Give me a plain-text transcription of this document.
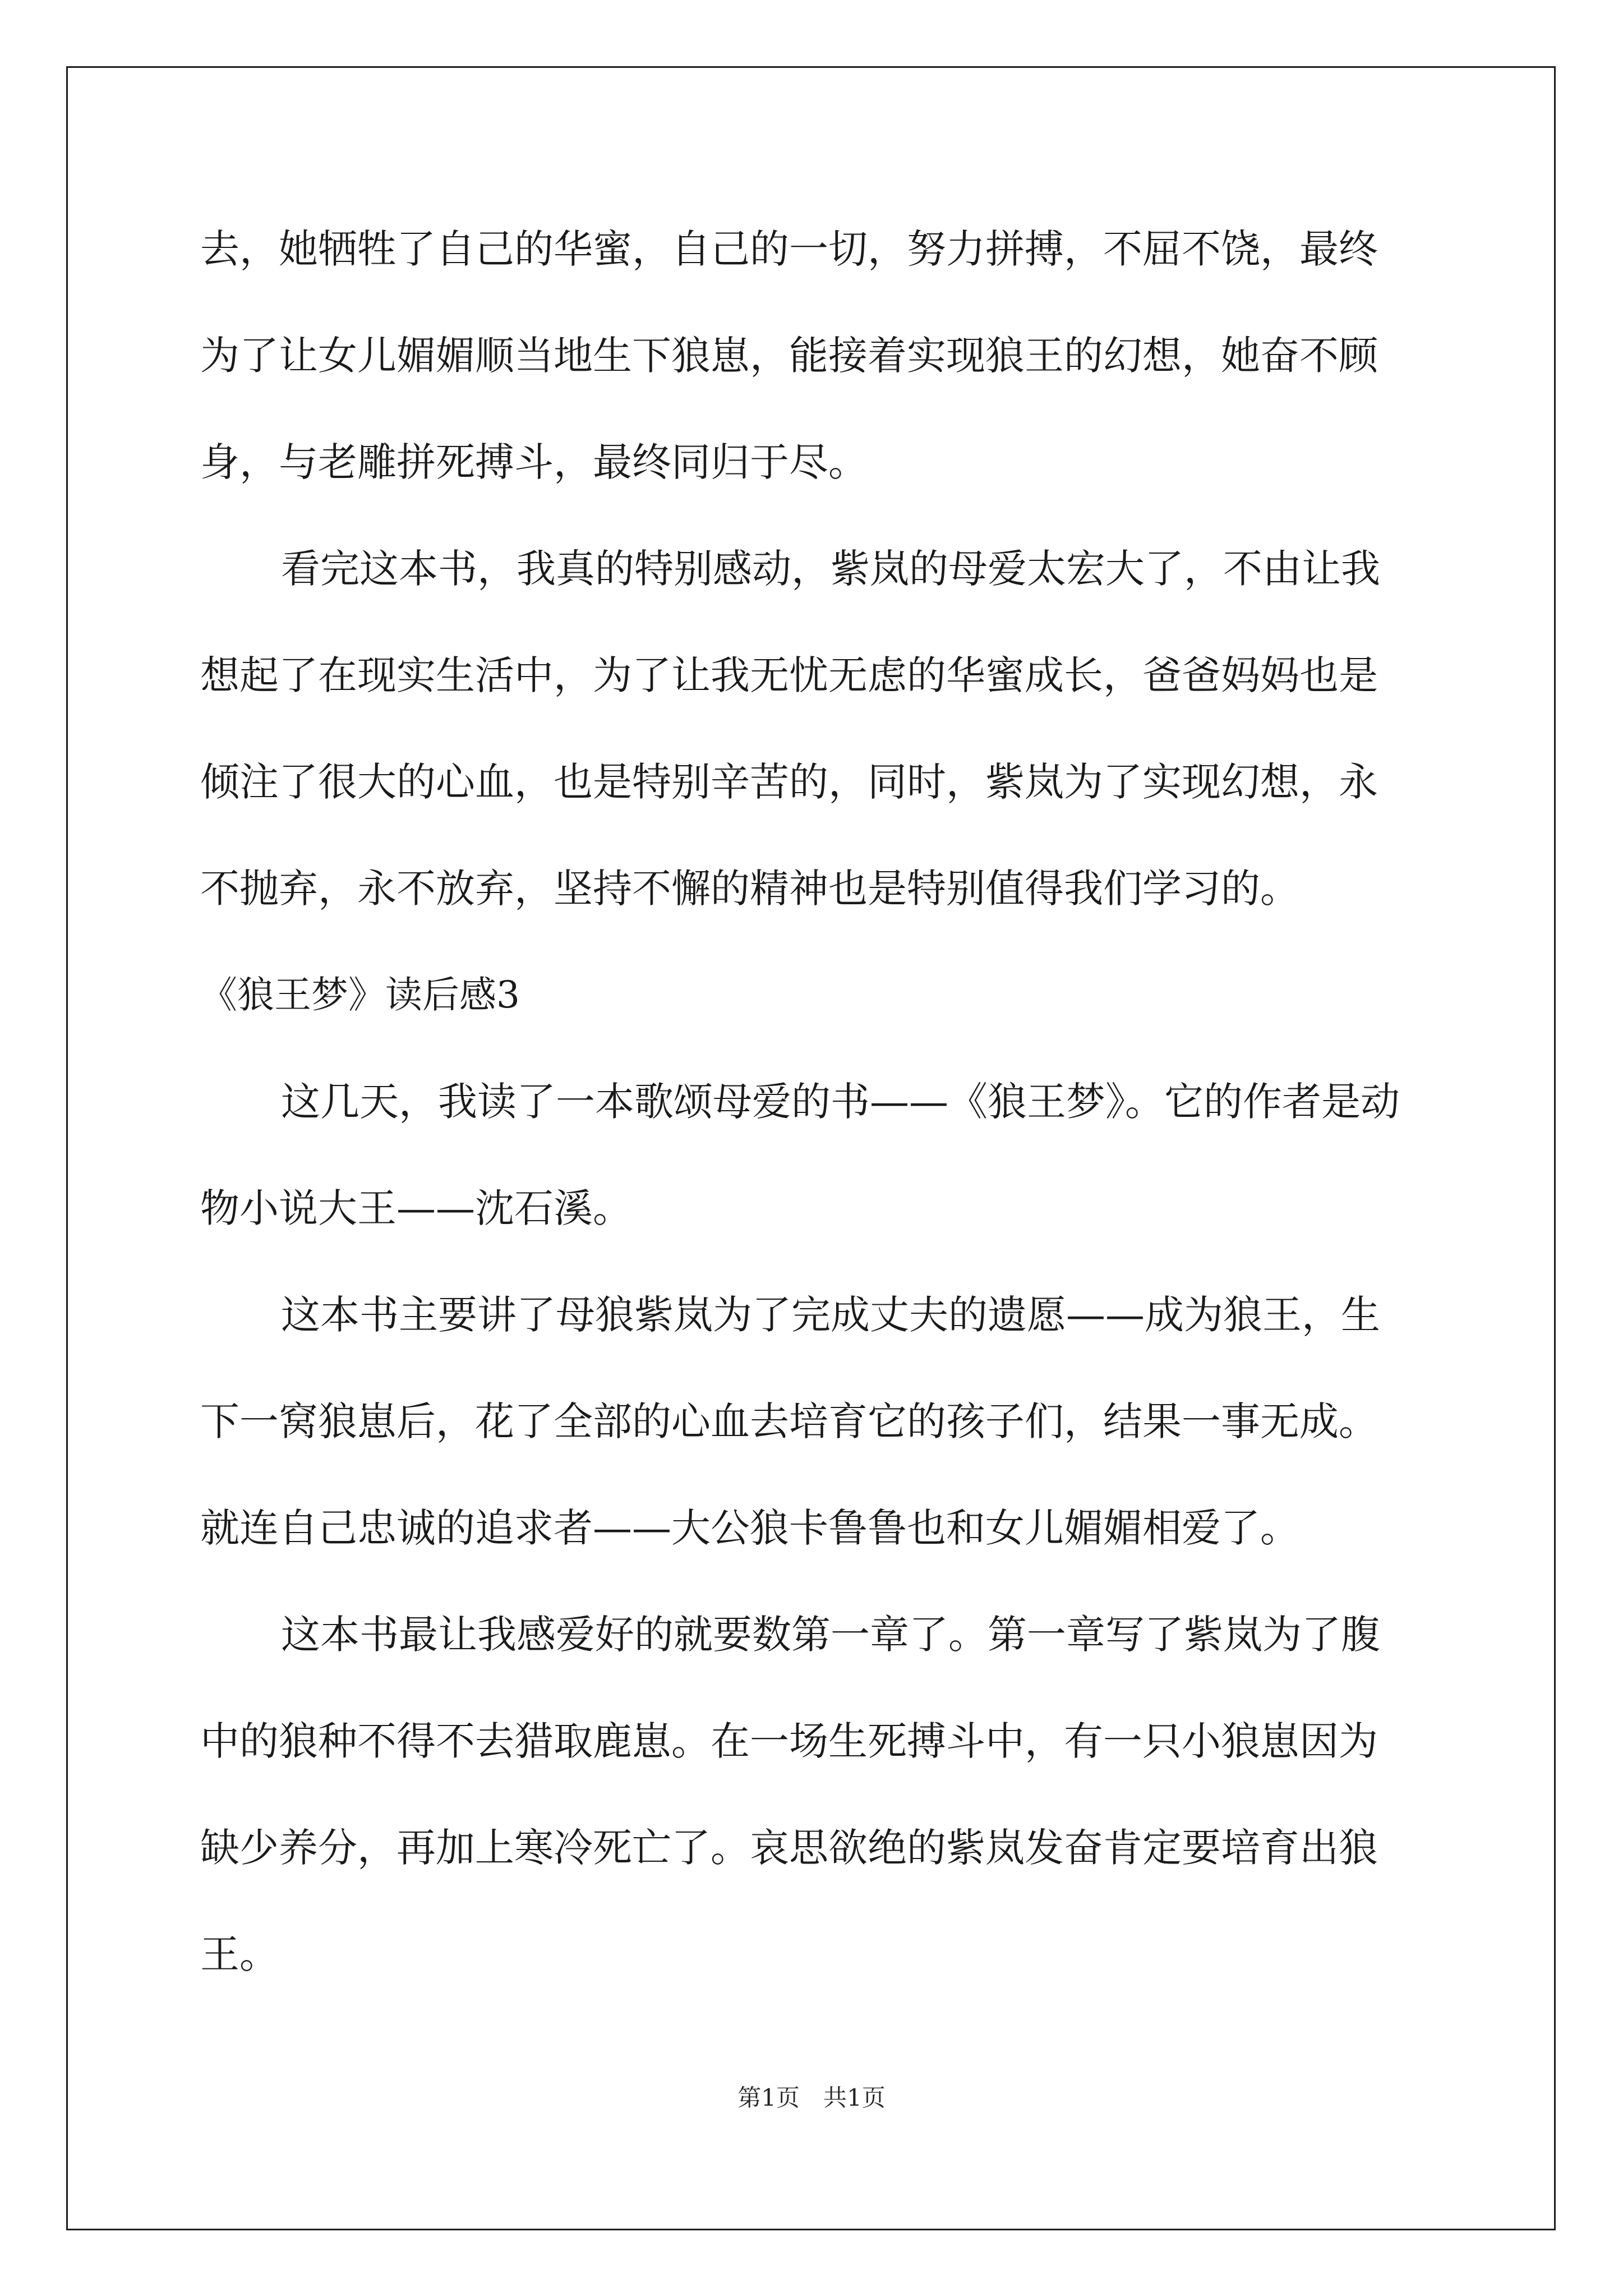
去，她牺牲了自己的华蜜，自己的一切，努力拼搏，不屈不饶，最终
为了让女儿媚媚顺当地生下狼崽，能接着实现狼王的幻想，她奋不顾
身，与老雕拼死搏斗，最终同归于尽。
看完这本书，我真的特别感动，紫岚的母爱太宏大了，不由让我
想起了在现实生活中，为了让我无忧无虑的华蜜成长，爸爸妈妈也是
倾注了很大的心血，也是特别辛苦的，同时，紫岚为了实现幻想，永
不抛弃，永不放弃，坚持不懈的精神也是特别值得我们学习的。
《狼王梦》读后感3
这几天，我读了一本歌颂母爱的书——《狼王梦》。它的作者是动
物小说大王——沈石溪。
这本书主要讲了母狼紫岚为了完成丈夫的遗愿——成为狼王，生
下一窝狼崽后，花了全部的心血去培育它的孩子们，结果一事无成。
就连自己忠诚的追求者——大公狼卡鲁鲁也和女儿媚媚相爱了。
这本书最让我感爱好的就要数第一章了。第一章写了紫岚为了腹
中的狼种不得不去猎取鹿崽。在一场生死搏斗中，有一只小狼崽因为
缺少养分，再加上寒冷死亡了。哀思欲绝的紫岚发奋肯定要培育出狼
王。
第1页　共1页
